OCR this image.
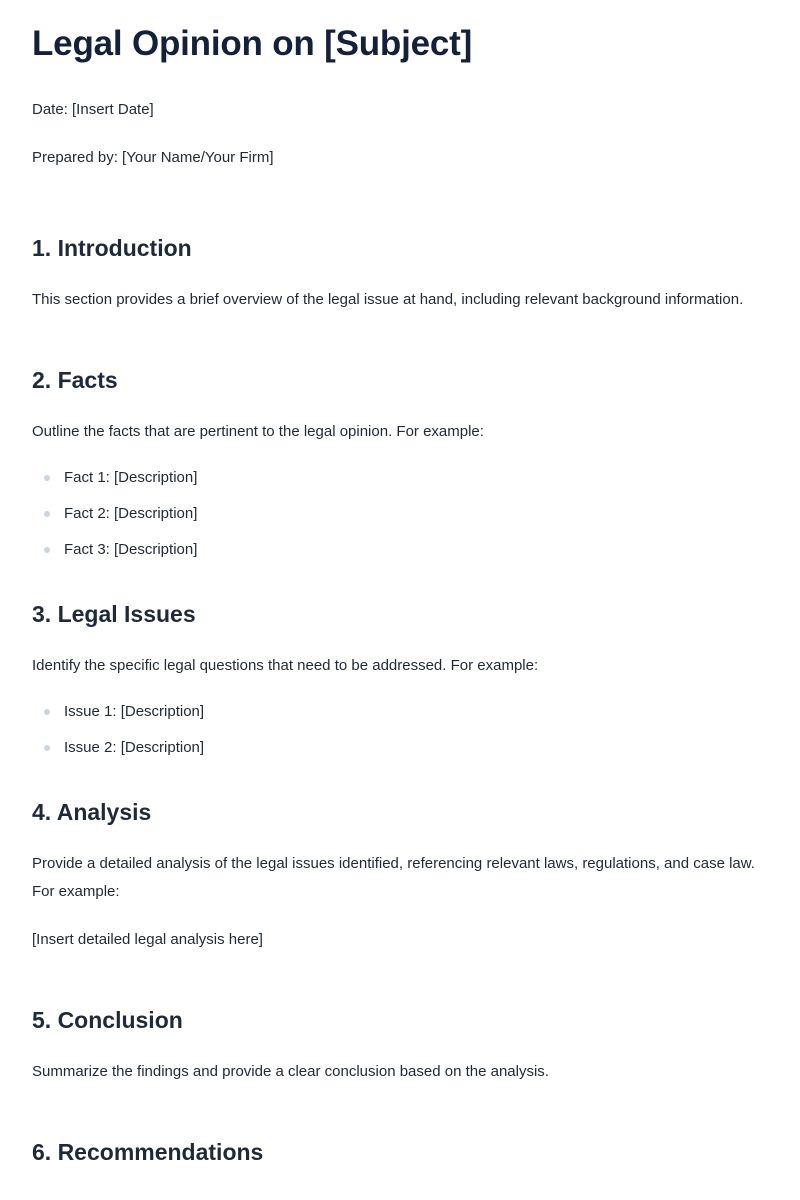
Legal Opinion on [Subject]

Date: [Insert Date]

Prepared by: [Your Name/Your Firm]

1. Introduction

This section provides a brief overview of the legal issue at hand, including relevant background information.

2. Facts

Outline the facts that are pertinent to the legal opinion. For example:

Fact 1: [Description]
Fact 2: [Description]
Fact 3: [Description]
3. Legal Issues

Identify the specific legal questions that need to be addressed. For example:

Issue 1: [Description]
Issue 2: [Description]
4. Analysis

Provide a detailed analysis of the legal issues identified, referencing relevant laws, regulations, and case law. For example:

[Insert detailed legal analysis here]

5. Conclusion

Summarize the findings and provide a clear conclusion based on the analysis.

6. Recommendations
